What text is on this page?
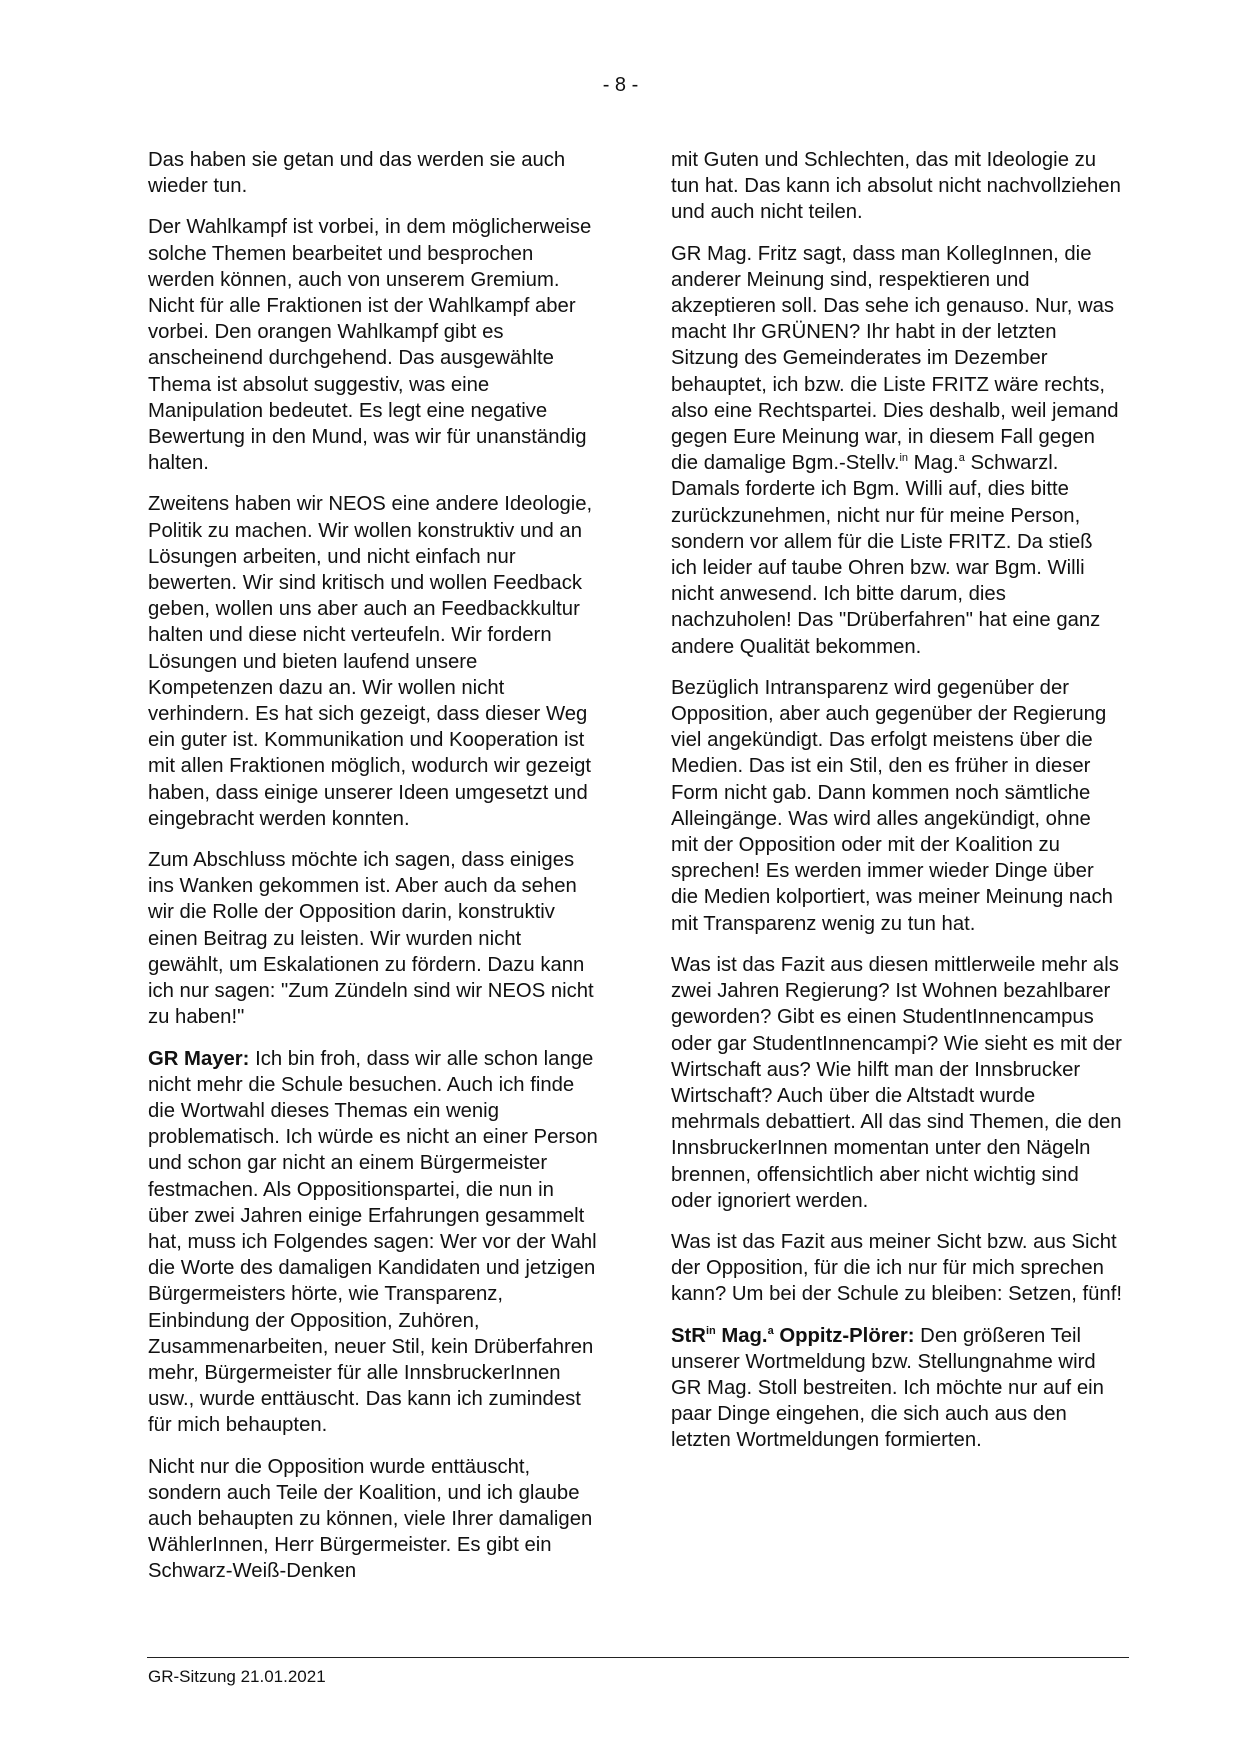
- 8 -

Das haben sie getan und das werden sie auch wieder tun.

Der Wahlkampf ist vorbei, in dem möglicherweise solche Themen bearbeitet und besprochen werden können, auch von unserem Gremium. Nicht für alle Fraktionen ist der Wahlkampf aber vorbei. Den orangen Wahlkampf gibt es anscheinend durchgehend. Das ausgewählte Thema ist absolut suggestiv, was eine Manipulation bedeutet. Es legt eine negative Bewertung in den Mund, was wir für unanständig halten.

Zweitens haben wir NEOS eine andere Ideologie, Politik zu machen. Wir wollen konstruktiv und an Lösungen arbeiten, und nicht einfach nur bewerten. Wir sind kritisch und wollen Feedback geben, wollen uns aber auch an Feedbackkultur halten und diese nicht verteufeln. Wir fordern Lösungen und bieten laufend unsere Kompetenzen dazu an. Wir wollen nicht verhindern. Es hat sich gezeigt, dass dieser Weg ein guter ist. Kommunikation und Kooperation ist mit allen Fraktionen möglich, wodurch wir gezeigt haben, dass einige unserer Ideen umgesetzt und eingebracht werden konnten.

Zum Abschluss möchte ich sagen, dass einiges ins Wanken gekommen ist. Aber auch da sehen wir die Rolle der Opposition darin, konstruktiv einen Beitrag zu leisten. Wir wurden nicht gewählt, um Eskalationen zu fördern. Dazu kann ich nur sagen: "Zum Zündeln sind wir NEOS nicht zu haben!"

GR Mayer: Ich bin froh, dass wir alle schon lange nicht mehr die Schule besuchen. Auch ich finde die Wortwahl dieses Themas ein wenig problematisch. Ich würde es nicht an einer Person und schon gar nicht an einem Bürgermeister festmachen. Als Oppositionspartei, die nun in über zwei Jahren einige Erfahrungen gesammelt hat, muss ich Folgendes sagen: Wer vor der Wahl die Worte des damaligen Kandidaten und jetzigen Bürgermeisters hörte, wie Transparenz, Einbindung der Opposition, Zuhören, Zusammenarbeiten, neuer Stil, kein Drüberfahren mehr, Bürgermeister für alle InnsbruckerInnen usw., wurde enttäuscht. Das kann ich zumindest für mich behaupten.

Nicht nur die Opposition wurde enttäuscht, sondern auch Teile der Koalition, und ich glaube auch behaupten zu können, viele Ihrer damaligen WählerInnen, Herr Bürgermeister. Es gibt ein Schwarz-Weiß-Denken

mit Guten und Schlechten, das mit Ideologie zu tun hat. Das kann ich absolut nicht nachvollziehen und auch nicht teilen.

GR Mag. Fritz sagt, dass man KollegInnen, die anderer Meinung sind, respektieren und akzeptieren soll. Das sehe ich genauso. Nur, was macht Ihr GRÜNEN? Ihr habt in der letzten Sitzung des Gemeinderates im Dezember behauptet, ich bzw. die Liste FRITZ wäre rechts, also eine Rechtspartei. Dies deshalb, weil jemand gegen Eure Meinung war, in diesem Fall gegen die damalige Bgm.-Stellv.$^{in}$ Mag.$^a$ Schwarzl. Damals forderte ich Bgm. Willi auf, dies bitte zurückzunehmen, nicht nur für meine Person, sondern vor allem für die Liste FRITZ. Da stieß ich leider auf taube Ohren bzw. war Bgm. Willi nicht anwesend. Ich bitte darum, dies nachzuholen! Das "Drüberfahren" hat eine ganz andere Qualität bekommen.

Bezüglich Intransparenz wird gegenüber der Opposition, aber auch gegenüber der Regierung viel angekündigt. Das erfolgt meistens über die Medien. Das ist ein Stil, den es früher in dieser Form nicht gab. Dann kommen noch sämtliche Alleingänge. Was wird alles angekündigt, ohne mit der Opposition oder mit der Koalition zu sprechen! Es werden immer wieder Dinge über die Medien kolportiert, was meiner Meinung nach mit Transparenz wenig zu tun hat.

Was ist das Fazit aus diesen mittlerweile mehr als zwei Jahren Regierung? Ist Wohnen bezahlbarer geworden? Gibt es einen StudentInnencampus oder gar StudentInnencampi? Wie sieht es mit der Wirtschaft aus? Wie hilft man der Innsbrucker Wirtschaft? Auch über die Altstadt wurde mehrmals debattiert. All das sind Themen, die den InnsbruckerInnen momentan unter den Nägeln brennen, offensichtlich aber nicht wichtig sind oder ignoriert werden.

Was ist das Fazit aus meiner Sicht bzw. aus Sicht der Opposition, für die ich nur für mich sprechen kann? Um bei der Schule zu bleiben: Setzen, fünf!

StR$^{in}$ Mag.$^a$ Oppitz-Plörer: Den größeren Teil unserer Wortmeldung bzw. Stellungnahme wird GR Mag. Stoll bestreiten. Ich möchte nur auf ein paar Dinge eingehen, die sich auch aus den letzten Wortmeldungen formierten.

GR-Sitzung 21.01.2021
